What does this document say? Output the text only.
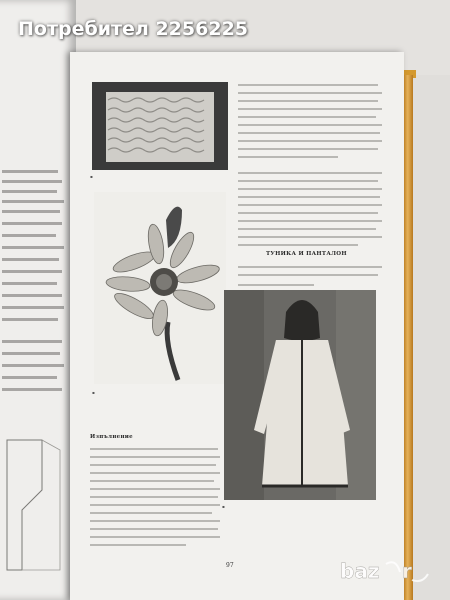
▪
▪
Изпълнение
ТУНИКА И ПАНТАЛОН
▪
97
Потребител 2256225
baz r
